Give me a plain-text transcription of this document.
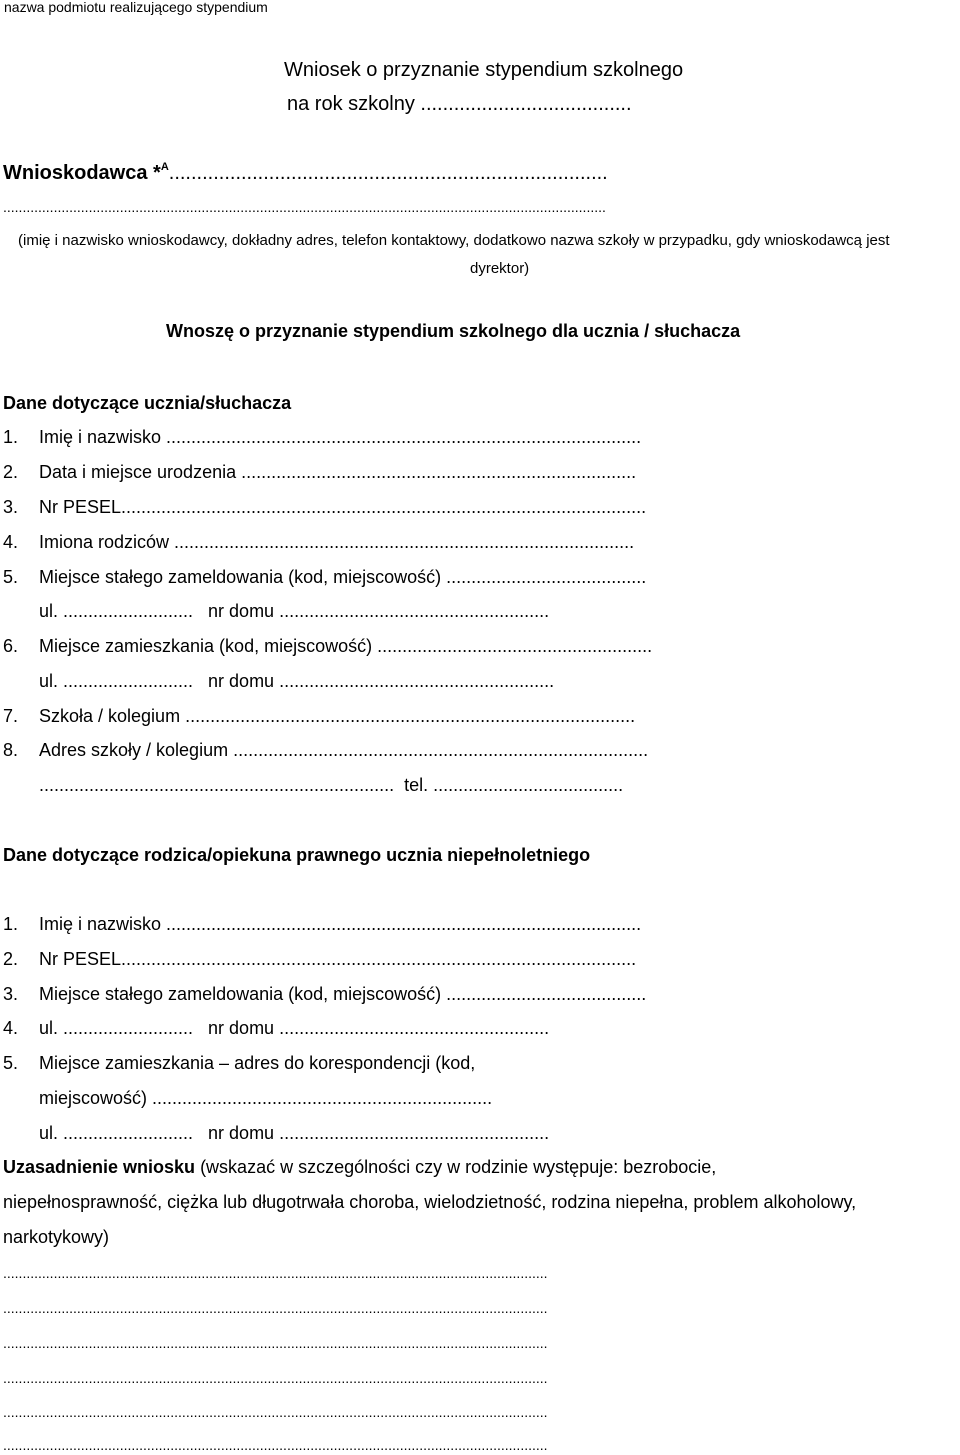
nazwa podmiotu realizującego stypendium
Wniosek o przyznanie stypendium szkolnego
na rok szkolny ......................................
Wnioskodawca *$^A$...............................................................................
...........................................................................................................................................................
(imię i nazwisko wnioskodawcy, dokładny adres, telefon kontaktowy, dodatkowo nazwa szkoły w przypadku, gdy wnioskodawcą jest
dyrektor)
Wnoszę o przyznanie stypendium szkolnego dla ucznia / słuchacza
Dane dotyczące ucznia/słuchacza
1. Imię i nazwisko ...............................................................................................
2. Data i miejsce urodzenia ...............................................................................
3. Nr PESEL.........................................................................................................
4. Imiona rodziców ............................................................................................
5. Miejsce stałego zameldowania (kod, miejscowość) ........................................
ul. ..........................   nr domu ......................................................
6. Miejsce zamieszkania (kod, miejscowość) .......................................................
ul. ..........................   nr domu .......................................................
7. Szkoła / kolegium ..........................................................................................
8. Adres szkoły / kolegium ...................................................................................
.......................................................................  tel. ......................................
Dane dotyczące rodzica/opiekuna prawnego ucznia niepełnoletniego
1. Imię i nazwisko ...............................................................................................
2. Nr PESEL.......................................................................................................
3. Miejsce stałego zameldowania (kod, miejscowość) ........................................
4. ul. ..........................   nr domu ......................................................
5. Miejsce zamieszkania – adres do korespondencji (kod,
miejscowość) ....................................................................
ul. ..........................   nr domu ......................................................
Uzasadnienie wniosku (wskazać w szczególności czy w rodzinie występuje: bezrobocie,
niepełnosprawność, ciężka lub długotrwała choroba, wielodzietność, rodzina niepełna, problem alkoholowy,
narkotykowy)
............................................................................................................................................
............................................................................................................................................
............................................................................................................................................
............................................................................................................................................
............................................................................................................................................
............................................................................................................................................
